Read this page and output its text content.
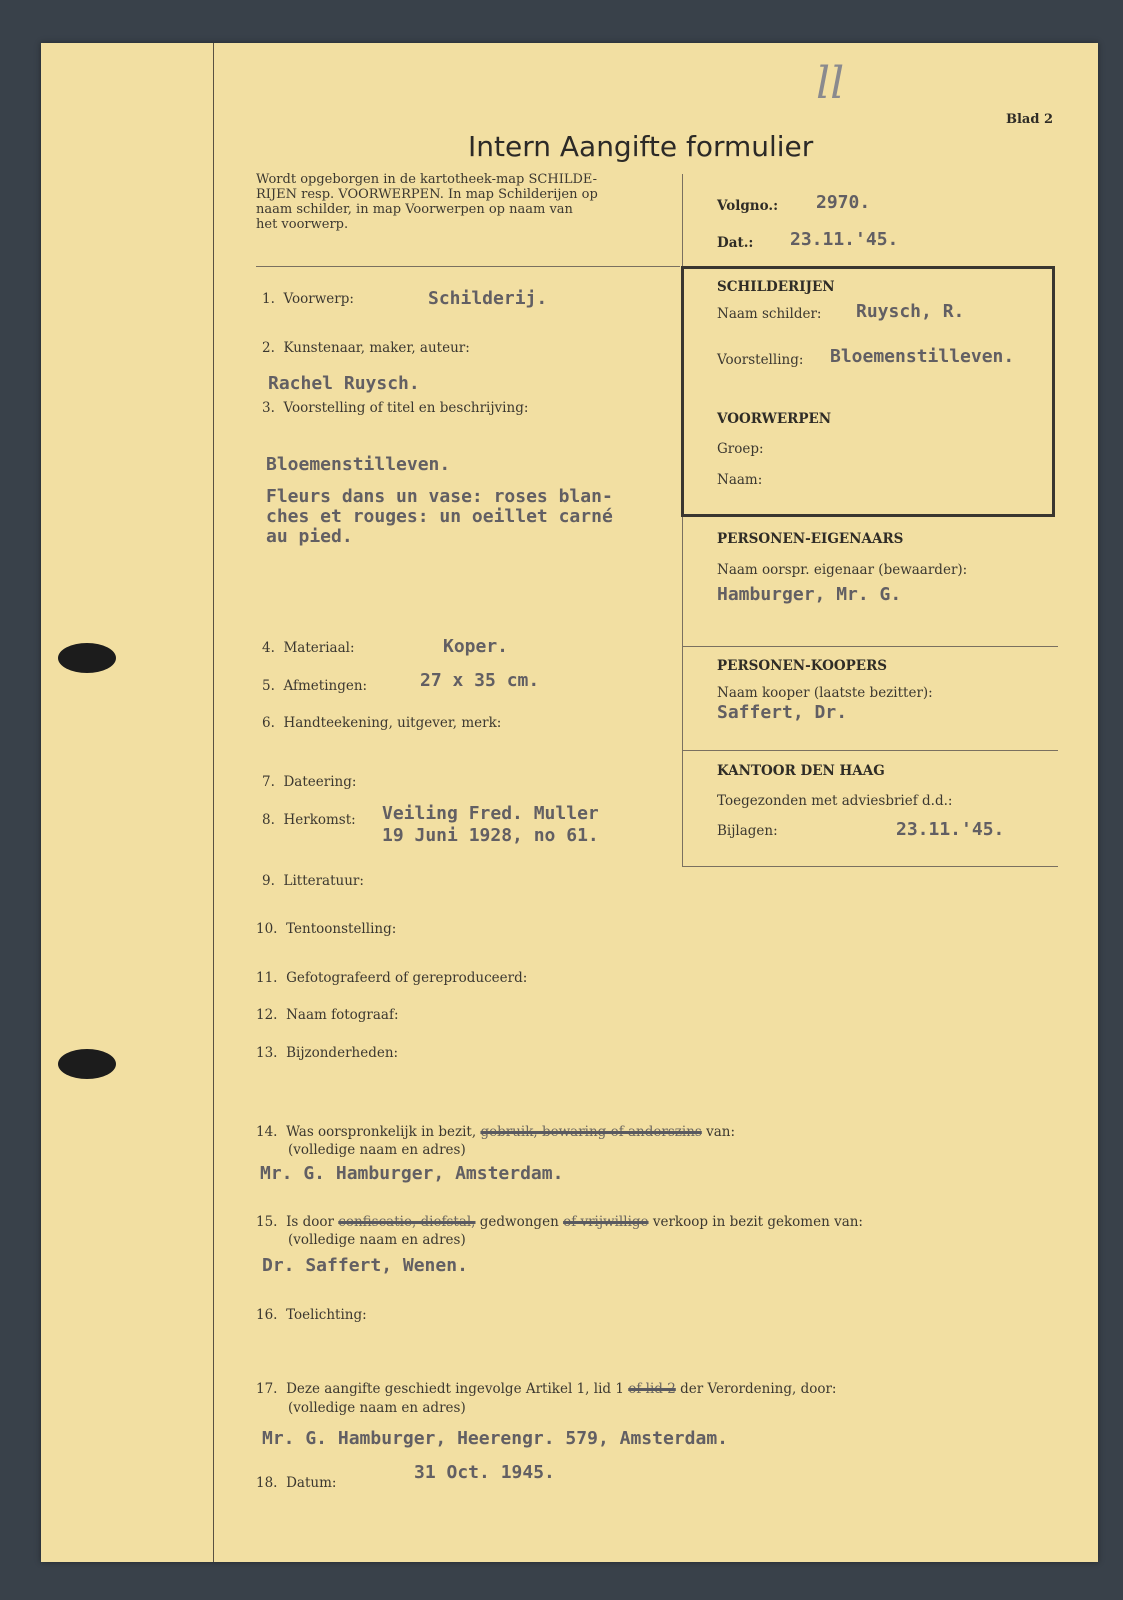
ll
Blad 2
Intern Aangifte formulier
Wordt opgeborgen in de kartotheek-map SCHILDE-
RIJEN resp. VOORWERPEN. In map Schilderijen op
naam schilder, in map Voorwerpen op naam van
het voorwerp.
Volgno.: 2970.
Dat.: 23.11.'45.
SCHILDERIJEN
Naam schilder: Ruysch, R.
Voorstelling: Bloemenstilleven.
VOORWERPEN
Groep:
Naam:
PERSONEN-EIGENAARS
Naam oorspr. eigenaar (bewaarder):
Hamburger, Mr. G.
PERSONEN-KOOPERS
Naam kooper (laatste bezitter):
Saffert, Dr.
KANTOOR DEN HAAG
Toegezonden met adviesbrief d.d.:
Bijlagen:	23.11.'45.
1. Voorwerp:	Schilderij.
2. Kunstenaar, maker, auteur:
Rachel Ruysch.
3. Voorstelling of titel en beschrijving:
Bloemenstilleven.
Fleurs dans un vase: roses blan-
ches et rouges: un oeillet carné
au pied.
4. Materiaal:	Koper.
5. Afmetingen:	27 x 35 cm.
6. Handteekening, uitgever, merk:
7. Dateering:
8. Herkomst: Veiling Fred. Muller
19 Juni 1928, no 61.
9. Litteratuur:
10. Tentoonstelling:
11. Gefotografeerd of gereproduceerd:
12. Naam fotograaf:
13. Bijzonderheden:
14. Was oorspronkelijk in bezit, gebruik, bewaring of anderszins van:
(volledige naam en adres)
Mr. G. Hamburger, Amsterdam.
15. Is door confiscatie, diefstal, gedwongen of vrijwillige verkoop in bezit gekomen van:
(volledige naam en adres)
Dr. Saffert, Wenen.
16. Toelichting:
17. Deze aangifte geschiedt ingevolge Artikel 1, lid 1 of lid 2 der Verordening, door:
(volledige naam en adres)
Mr. G. Hamburger, Heerengr. 579, Amsterdam.
18. Datum:	31 Oct. 1945.
